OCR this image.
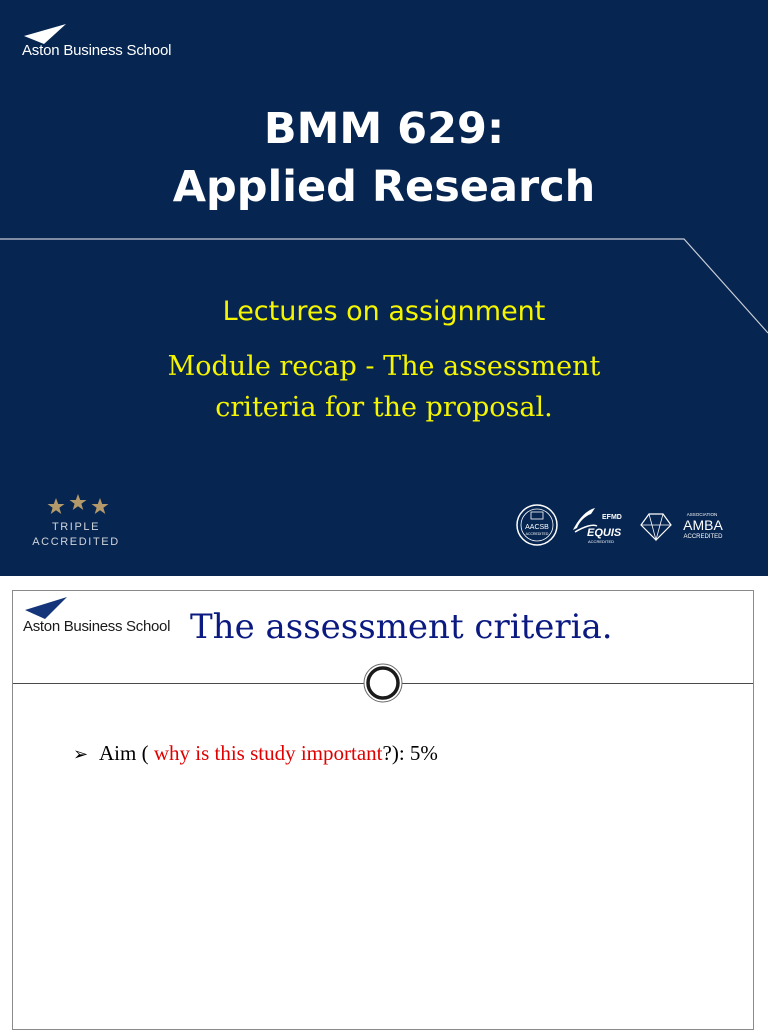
Aston Business School
BMM 629:
Applied Research
Lectures on assignment
Module recap - The assessment
criteria for the proposal.
TRIPLE
ACCREDITED
AACSB
ACCREDITED
EFMD
EQUIS
ACCREDITED
ASSOCIATION
AMBA
ACCREDITED
Aston Business School The assessment criteria.
➢ Aim ( why is this study important?): 5%
